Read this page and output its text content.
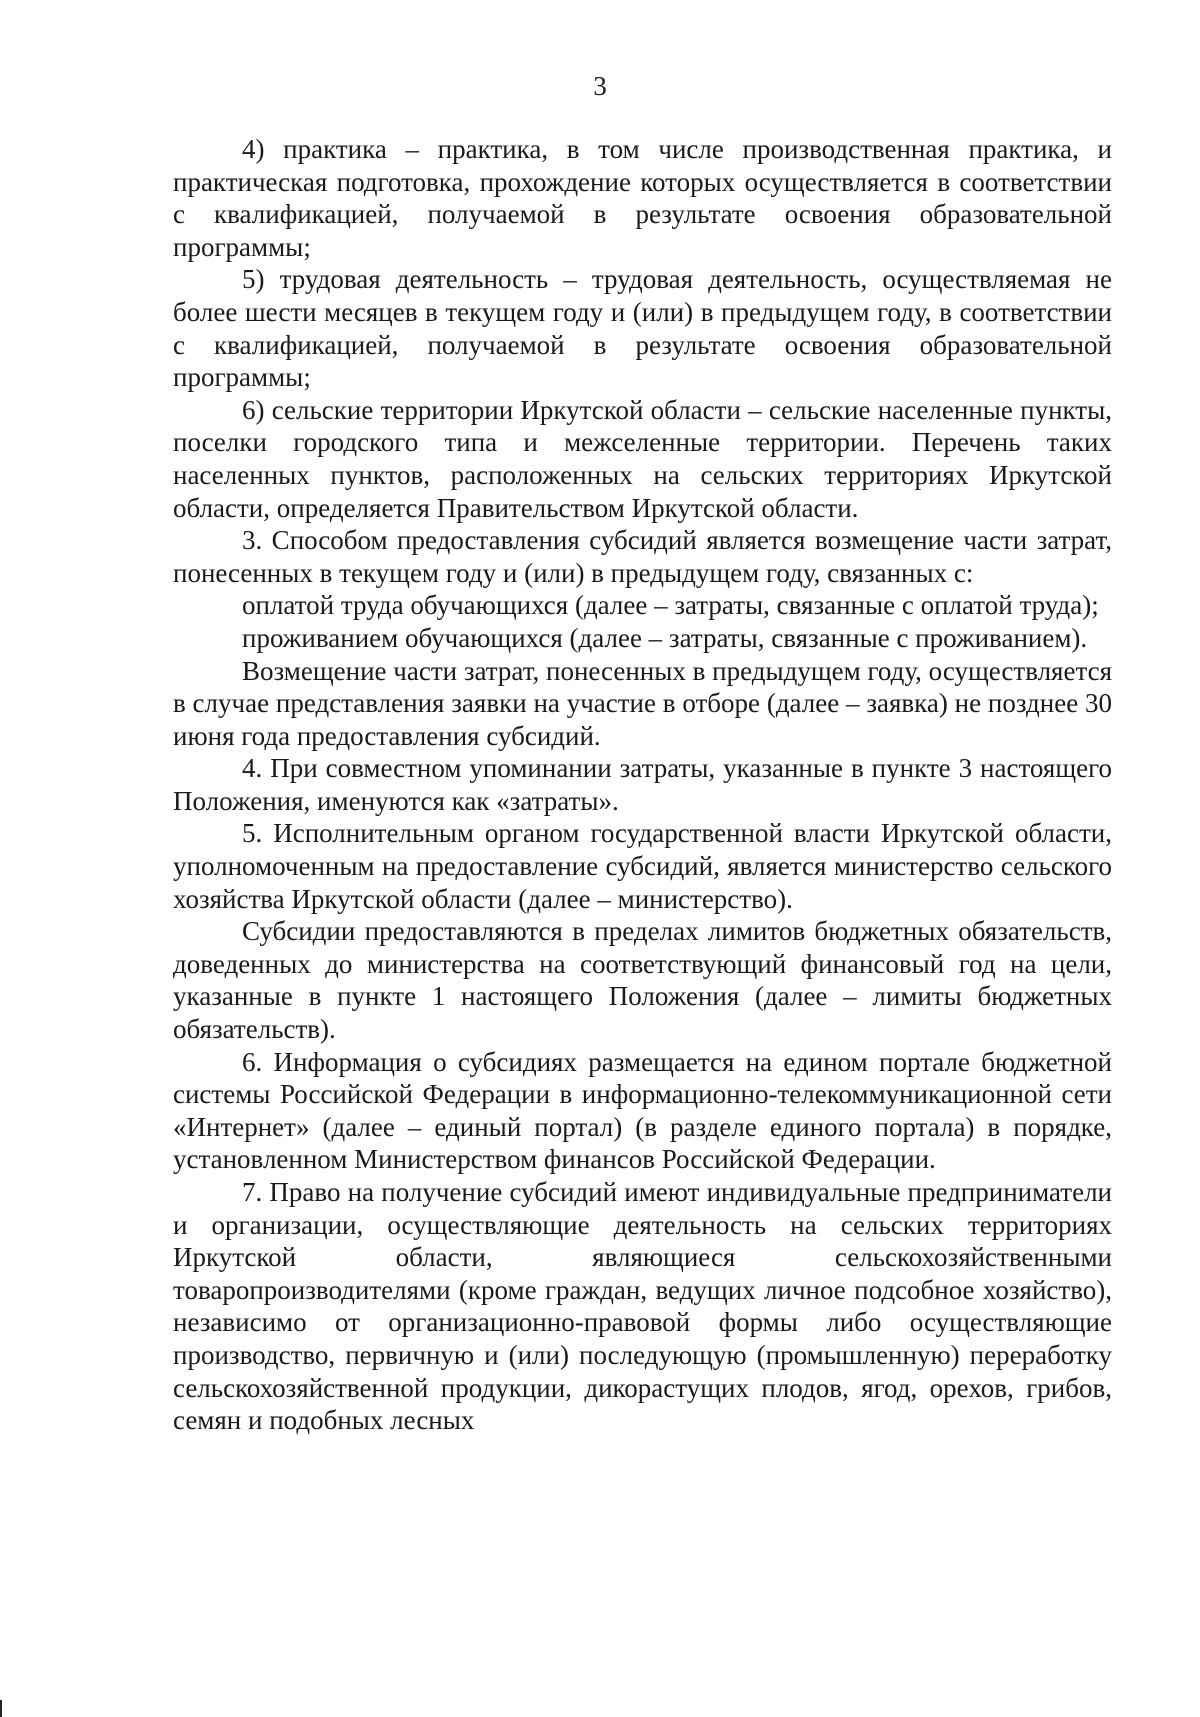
3

4) практика – практика, в том числе производственная практика, и практическая подготовка, прохождение которых осуществляется в соответствии с квалификацией, получаемой в результате освоения образовательной программы;

5) трудовая деятельность – трудовая деятельность, осуществляемая не более шести месяцев в текущем году и (или) в предыдущем году, в соответствии с квалификацией, получаемой в результате освоения образовательной программы;

6) сельские территории Иркутской области – сельские населенные пункты, поселки городского типа и межселенные территории. Перечень таких населенных пунктов, расположенных на сельских территориях Иркутской области, определяется Правительством Иркутской области.

3. Способом предоставления субсидий является возмещение части затрат, понесенных в текущем году и (или) в предыдущем году, связанных с:

оплатой труда обучающихся (далее – затраты, связанные с оплатой труда);

проживанием обучающихся (далее – затраты, связанные с проживанием).

Возмещение части затрат, понесенных в предыдущем году, осуществляется в случае представления заявки на участие в отборе (далее – заявка) не позднее 30 июня года предоставления субсидий.

4. При совместном упоминании затраты, указанные в пункте 3 настоящего Положения, именуются как «затраты».

5. Исполнительным органом государственной власти Иркутской области, уполномоченным на предоставление субсидий, является министерство сельского хозяйства Иркутской области (далее – министерство).

Субсидии предоставляются в пределах лимитов бюджетных обязательств, доведенных до министерства на соответствующий финансовый год на цели, указанные в пункте 1 настоящего Положения (далее – лимиты бюджетных обязательств).

6. Информация о субсидиях размещается на едином портале бюджетной системы Российской Федерации в информационно-телекоммуникационной сети «Интернет» (далее – единый портал) (в разделе единого портала) в порядке, установленном Министерством финансов Российской Федерации.

7. Право на получение субсидий имеют индивидуальные предприниматели и организации, осуществляющие деятельность на сельских территориях Иркутской области, являющиеся сельскохозяйственными товаропроизводителями (кроме граждан, ведущих личное подсобное хозяйство), независимо от организационно-правовой формы либо осуществляющие производство, первичную и (или) последующую (промышленную) переработку сельскохозяйственной продукции, дикорастущих плодов, ягод, орехов, грибов, семян и подобных лесных
